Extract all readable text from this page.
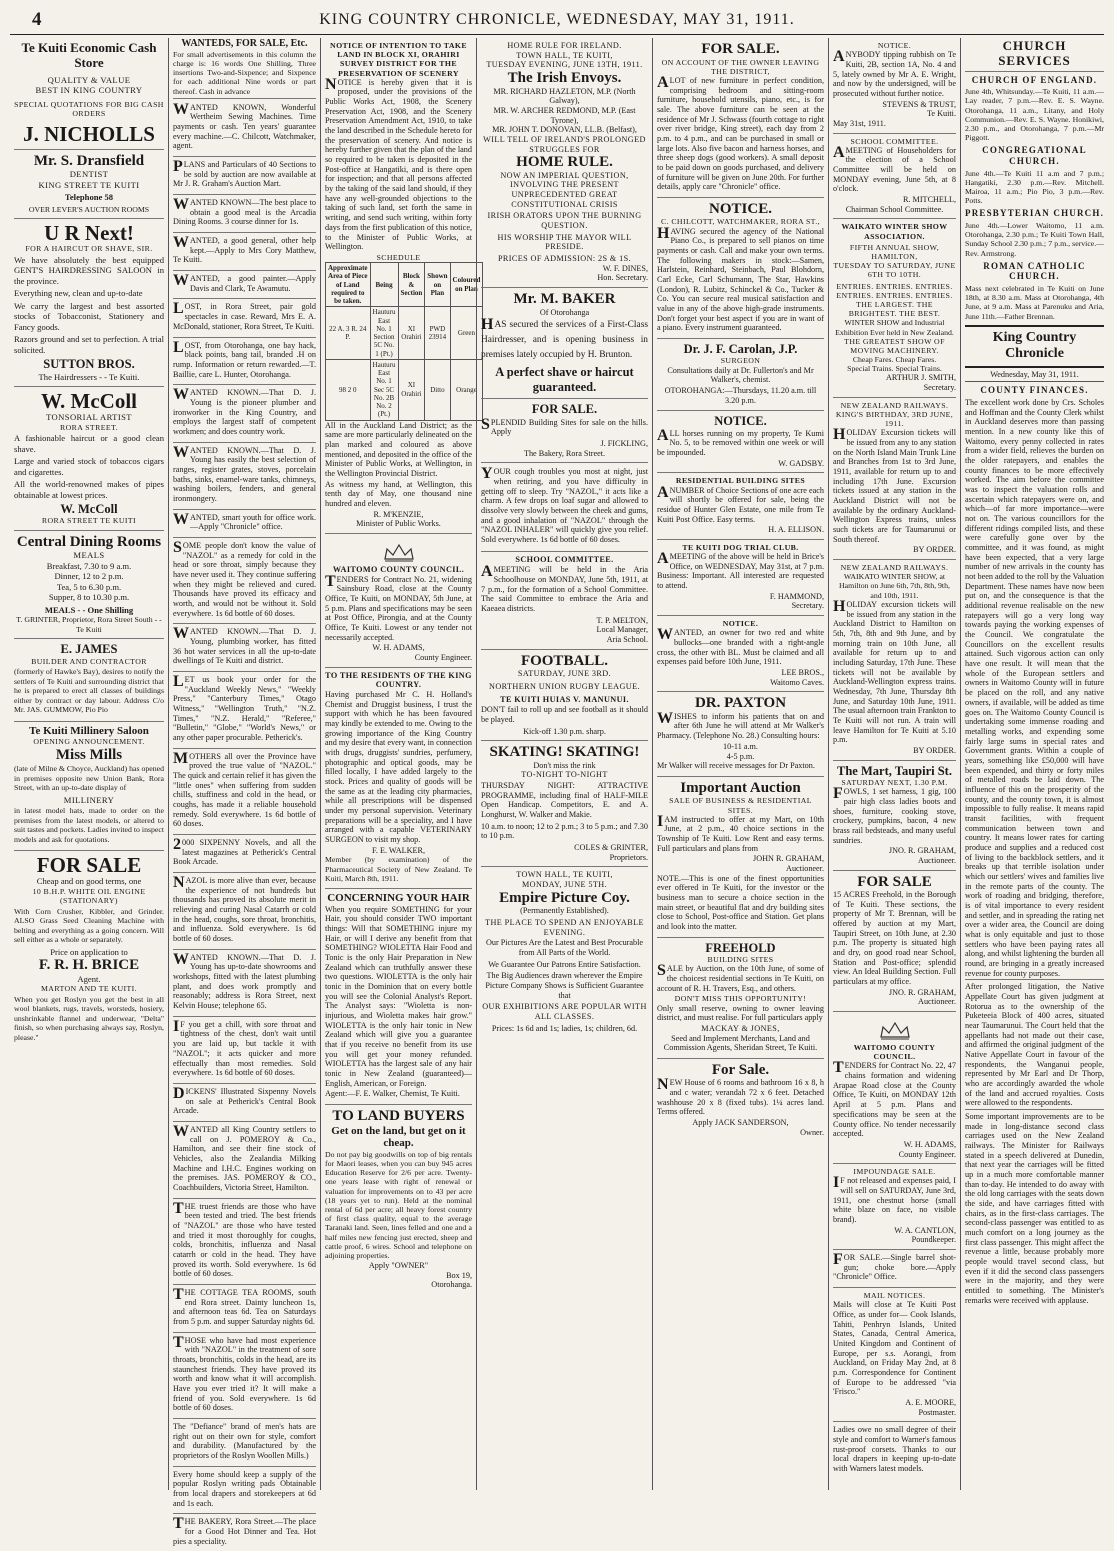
4	KING COUNTRY CHRONICLE, WEDNESDAY, MAY 31, 1911.
Te Kuiti Economic Cash Store
QUALITY & VALUE
BEST IN KING COUNTRY
SPECIAL QUOTATIONS FOR BIG CASH ORDERS
J. NICHOLLS
Mr. S. Dransfield
DENTIST
KING STREET TE KUITI
Telephone 58
OVER LEVER'S AUCTION ROOMS
U R Next!
FOR A HAIRCUT OR SHAVE, SIR.

We have absolutely the best equipped GENT'S HAIRDRESSING SALOON in the province.

Everything new, clean and up-to-date

We carry the largest and best assorted stocks of Tobacconist, Stationery and Fancy goods.

Razors ground and set to perfection. A trial solicited.

SUTTON BROS.
The Hairdressers - - Te Kuiti.
W. McColl
TONSORIAL ARTIST
RORA STREET.

A fashionable haircut or a good clean shave.

Large and varied stock of tobaccos cigars and cigarettes.

All the world-renowned makes of pipes obtainable at lowest prices.

W. McColl
RORA STREET TE KUITI
Central Dining Rooms
MEALS
Breakfast, 7.30 to 9 a.m.
Dinner, 12 to 2 p.m.
Tea, 5 to 6.30 p.m.
Supper, 8 to 10.30 p.m.
MEALS - - One Shilling
T. GRINTER, Proprietor, Rora Street South - - Te Kuiti
E. JAMES
BUILDER AND CONTRACTOR

(formerly of Hawke's Bay), desires to notify the settlers of Te Kuiti and surrounding district that he is prepared to erect all classes of buildings either by contract or day labour. Address C/o Mr. JAS. GUMMOW, Pio Pio

Te Kuiti Millinery Saloon
OPENING ANNOUNCEMENT.
Miss Mills

(late of Milne & Choyce, Auckland) has opened in premises opposite new Union Bank, Rora Street, with an up-to-date display of

MILLINERY

in latest model hats, made to order on the premises from the latest models, or altered to suit tastes and pockets. Ladies invited to inspect models and ask for quotations.

FOR SALE
Cheap and on good terms, one
10 B.H.P. WHITE OIL ENGINE (STATIONARY)

With Corn Crusher, Kibbler, and Grinder. ALSO Grass Seed Cleaning Machine with belting and everything as a going concern. Will sell either as a whole or separately.

Price on application to
F. R. H. BRICE
Agent.
MARTON AND TE KUITI.

When you get Roslyn you get the best in all wool blankets, rugs, travels, worsteds, hosiery, unshrinkable flannel and underwear, "Delta" finish, so when purchasing always say, Roslyn, please."

WANTEDS, FOR SALE, Etc.

For small advertisements in this column the charge is: 16 words One Shilling, Three insertions Two-and-Sixpence; and Sixpence for each additional Nine words or part thereof. Cash in advance

WANTED KNOWN, Wonderful Wertheim Sewing Machines. Time payments or cash. Ten years' guarantee every machine.—C. Chilcott, Watchmaker, agent.

PLANS and Particulars of 40 Sections to be sold by auction are now available at Mr J. R. Graham's Auction Mart.

WANTED KNOWN—The best place to obtain a good meal is the Arcadia Dining Rooms. 3 course dinner for 1s.

WANTED, a good general, other help kept.—Apply to Mrs Cory Matthew, Te Kuiti.

WANTED, a good painter.—Apply Davis and Clark, Te Awamutu.

LOST, in Rora Street, pair gold spectacles in case. Reward, Mrs E. A. McDonald, stationer, Rora Street, Te Kuiti.

LOST, from Otorohanga, one bay hack, black points, bang tail, branded .H on rump. Information or return rewarded.—T. Baillie, care L. Hunter, Otorohanga.

WANTED KNOWN.—That D. J. Young is the pioneer plumber and ironworker in the King Country, and employs the largest staff of competent workmen; and does country work.

WANTED KNOWN.—That D. J. Young has easily the best selection of ranges, register grates, stoves, porcelain baths, sinks, enamel-ware tanks, chimneys, washing boilers, fenders, and general ironmongery.

WANTED, smart youth for office work.—Apply "Chronicle" office.

SOME people don't know the value of "NAZOL" as a remedy for cold in the head or sore throat, simply because they have never used it. They continue suffering when they might be relieved and cured. Thousands have proved its efficacy and worth, and would not be without it. Sold everywhere. 1s 6d bottle of 60 doses.

WANTED KNOWN.—That D. J. Young, plumbing worker, has fitted 36 hot water services in all the up-to-date dwellings of Te Kuiti and district.

LET us book your order for the "Auckland Weekly News," "Weekly Press," "Canterbury Times," Otago Witness," "Wellington Truth," "N.Z. Times," "N.Z. Herald," "Referee," "Bulletin," "Globe," "World's News," or any other paper procurable. Petherick's.

MOTHERS all over the Province have proved the true value of "NAZOL." The quick and certain relief it has given the "little ones" when suffering from sudden chills, stuffiness and cold in the head, or coughs, has made it a reliable household remedy. Sold everywhere. 1s 6d bottle of 60 doses.

2000 SIXPENNY Novels, and all the latest magazines at Petherick's Central Book Arcade.

NAZOL is more alive than ever, because the experience of not hundreds but thousands has proved its absolute merit in relieving and curing Nasal Catarrh or cold in the head, coughs, sore throat, bronchitis, and influenza. Sold everywhere. 1s 6d bottle of 60 doses.

WANTED KNOWN.—That D. J. Young has up-to-date showrooms and workshops, fitted with the latest plumbing plant, and does work promptly and reasonably; address is Rora Street, next Kelvin House; telephone 65.

IF you get a chill, with sore throat and tightness of the chest, don't wait until you are laid up, but tackle it with "NAZOL"; it acts quicker and more effectually than most remedies. Sold everywhere. 1s 6d bottle of 60 doses.

DICKENS' Illustrated Sixpenny Novels on sale at Petherick's Central Book Arcade.

WANTED all King Country settlers to call on J. POMEROY & Co., Hamilton, and see their fine stock of Vehicles, also the Zealandia Milking Machine and I.H.C. Engines working on the premises. JAS. POMEROY & CO., Coachbuilders, Victoria Street, Hamilton.

THE truest friends are those who have been tested and tried. The best friends of "NAZOL" are those who have tested and tried it most thoroughly for coughs, colds, bronchitis, influenza and Nasal catarrh or cold in the head. They have proved its worth. Sold everywhere. 1s 6d bottle of 60 doses.

THE COTTAGE TEA ROOMS, south end Rora street. Dainty luncheon 1s, and afternoon teas 6d. Tea on Saturdays from 5 p.m. and supper Saturday nights 6d.

THOSE who have had most experience with "NAZOL" in the treatment of sore throats, bronchitis, colds in the head, are its staunchest friends. They have proved its worth and know what it will accomplish. Have you ever tried it? It will make a friend of you. Sold everywhere. 1s 6d bottle of 60 doses.

The "Defiance" brand of men's hats are right out on their own for style, comfort and durability. (Manufactured by the proprietors of the Roslyn Woollen Mills.)

Every home should keep a supply of the popular Roslyn writing pads Obtainable from local drapers and storekeepers at 6d and 1s each.

THE BAKERY, Rora Street.—The place for a Good Hot Dinner and Tea. Hot pies a speciality.

NOTICE OF INTENTION TO TAKE LAND IN BLOCK XI, ORAHIRI SURVEY DISTRICT FOR THE PRESERVATION OF SCENERY

NOTICE is hereby given that it is proposed, under the provisions of the Public Works Act, 1908, the Scenery Preservation Act, 1908, and the Scenery Preservation Amendment Act, 1910, to take the land described in the Schedule hereto for the preservation of scenery. And notice is hereby further given that the plan of the land so required to be taken is deposited in the Post-office at Hangatiki, and is there open for inspection; and that all persons affected by the taking of the said land should, if they have any well-grounded objections to the taking of such land, set forth the same in writing, and send such writing, within forty days from the first publication of this notice, to the Minister of Public Works, at Wellington.

SCHEDULE
Approximate Area of Piece of Land required to be taken.	Being	Block & Section	Shown on Plan	Coloured on Plan
22 A. 3 R. 24 P.	Hauturu East No. 1 Section 5C No. 1 (Pt.)	XI Orahiri	PWD 23914	Green
98 2 0	Hauturu East No. 1 Sec 5C No. 2B No. 2 (Pt.)	XI Orahiri	Ditto	Orange

All in the Auckland Land District; as the same are more particularly delineated on the plan marked and coloured as above mentioned, and deposited in the office of the Minister of Public Works, at Wellington, in the Wellington Provincial District.

As witness my hand, at Wellington, this tenth day of May, one thousand nine hundred and eleven.

R. M'KENZIE,
Minister of Public Works.
WAITOMO COUNTY COUNCIL.

TENDERS for Contract No. 21, widening Sainsbury Road, close at the County Office, Te Kuiti, on MONDAY, 5th June, at 5 p.m. Plans and specifications may be seen at Post Office, Pirongia, and at the County Office, Te Kuiti. Lowest or any tender not necessarily accepted.

W. H. ADAMS,
County Engineer.
TO THE RESIDENTS OF THE KING COUNTRY.

Having purchased Mr C. H. Holland's Chemist and Druggist business, I trust the support with which he has been favoured may kindly be extended to me. Owing to the growing importance of the King Country and my desire that every want, in connection with drugs, druggists' sundries, perfumery, photographic and optical goods, may be filled locally, I have added largely to the stock. Prices and quality of goods will be the same as at the leading city pharmacies, while all prescriptions will be dispensed under my personal supervision. Veterinary preparations will be a speciality, and I have arranged with a capable VETERINARY SURGEON to visit my shop.

F. E. WALKER,

Member (by examination) of the Pharmaceutical Society of New Zealand. Te Kuiti, March 8th, 1911.

CONCERNING YOUR HAIR

When you require SOMETHING for your Hair, you should consider TWO important things: Will that SOMETHING injure my Hair, or will I derive any benefit from that SOMETHING? WIOLETTA Hair Food and Tonic is the only Hair Preparation in New Zealand which can truthfully answer these two questions. WIOLETTA is the only hair tonic in the Dominion that on every bottle you will see the Colonial Analyst's Report. The Analyst says: "Wioletta is non-injurious, and Wioletta makes hair grow." WIOLETTA is the only hair tonic in New Zealand which will give you a guarantee that if you receive no benefit from its use you will get your money refunded. WIOLETTA has the largest sale of any hair tonic in New Zealand (guaranteed)—English, American, or Foreign.

Agent:—F. E. Walker, Chemist, Te Kuiti.

TO LAND BUYERS
Get on the land, but get on it cheap.

Do not pay big goodwills on top of big rentals for Maori leases, when you can buy 945 acres Education Reserve for 2/6 per acre. Twenty-one years lease with right of renewal or valuation for improvements on to 43 per acre (18 years yet to run). Held at the nominal rental of 6d per acre; all heavy forest country of first class quality, equal to the average Taranaki land. Seen, lines felled and one and a half miles new fencing just erected, sheep and cattle proof, 6 wires. School and telephone on adjoining properties.

Apply "OWNER"
Box 19,
Otorohanga.
HOME RULE FOR IRELAND.
TOWN HALL, TE KUITI,
TUESDAY EVENING, JUNE 13TH, 1911.
The Irish Envoys.
MR. RICHARD HAZLETON, M.P. (North Galway),
MR. W. ARCHER REDMOND, M.P. (East Tyrone),
MR. JOHN T. DONOVAN, LL.B. (Belfast),
WILL TELL OF IRELAND'S PROLONGED STRUGGLES FOR
HOME RULE.
NOW AN IMPERIAL QUESTION, INVOLVING THE PRESENT UNPRECEDENTED GREAT CONSTITUTIONAL CRISIS
IRISH ORATORS UPON THE BURNING QUESTION.
HIS WORSHIP THE MAYOR WILL PRESIDE.
PRICES OF ADMISSION: 2S & 1S.
W. F. DINES,
Hon. Secretary.
Mr. M. BAKER
Of Otorohanga

HAS secured the services of a First-Class Hairdresser, and is opening business in premises lately occupied by H. Brunton.

A perfect shave or haircut guaranteed.
FOR SALE.

SPLENDID Building Sites for sale on the hills. Apply

J. FICKLING,
The Bakery, Rora Street.

YOUR cough troubles you most at night, just when retiring, and you have difficulty in getting off to sleep. Try "NAZOL," it acts like a charm. A few drops on loaf sugar and allowed to dissolve very slowly between the cheek and gums, and a good inhalation of "NAZOL" through the "NAZOL INHALER" will quickly give you relief. Sold everywhere. 1s 6d bottle of 60 doses.

SCHOOL COMMITTEE.

AMEETING will be held in the Aria Schoolhouse on MONDAY, June 5th, 1911, at 7 p.m., for the formation of a School Committee. The said Committee to embrace the Aria and Kaeaea districts.

T. P. MELTON,
Local Manager,
Aria School.
FOOTBALL.
SATURDAY, JUNE 3RD.
NORTHERN UNION RUGBY LEAGUE.
TE KUITI HUIAS V. MANUNUI.

DON'T fail to roll up and see football as it should be played.

Kick-off 1.30 p.m. sharp.
SKATING! SKATING!
Don't miss the rink
TO-NIGHT TO-NIGHT

THURSDAY NIGHT: ATTRACTIVE PROGRAMME, including final of HALF-MILE Open Handicap. Competitors, E. and A. Longhurst, W. Walker and Makie.

10 a.m. to noon; 12 to 2 p.m.; 3 to 5 p.m.; and 7.30 to 10 p.m.

COLES & GRINTER,
Proprietors.
TOWN HALL, TE KUITI,
MONDAY, JUNE 5TH.
Empire Picture Coy.
(Permanently Established).
THE PLACE TO SPEND AN ENJOYABLE EVENING.

Our Pictures Are the Latest and Best Procurable from All Parts of the World.

We Guarantee Our Patrons Entire Satisfaction.

The Big Audiences drawn wherever the Empire Picture Company Shows is Sufficient Guarantee that

OUR EXHIBITIONS ARE POPULAR WITH ALL CLASSES.
Prices: 1s 6d and 1s; ladies, 1s; children, 6d.
FOR SALE.
ON ACCOUNT OF THE OWNER LEAVING THE DISTRICT,

ALOT of new furniture in perfect condition, comprising bedroom and sitting-room furniture, household utensils, piano, etc., is for sale. The above furniture can be seen at the residence of Mr J. Schwass (fourth cottage to right over river bridge, King street), each day from 2 p.m. to 4 p.m., and can be purchased in small or large lots. Also five bacon and harness horses, and three sheep dogs (good workers). A small deposit to be paid down on goods purchased, and delivery of furniture will be given on June 20th. For further details, apply care "Chronicle" office.

NOTICE.
C. CHILCOTT, WATCHMAKER, RORA ST.,

HAVING secured the agency of the National Piano Co., is prepared to sell pianos on time payments or cash. Call and make your own terms. The following makers in stock:—Samen, Harlstein, Reinhard, Steinbach, Paul Blohdorn, Carl Ecke, Carl Schumann, The Star, Hawkins (London), R. Lubitz, Schinckel & Co., Tucker & Co. You can secure real musical satisfaction and value in any of the above high-grade instruments. Don't forget your best aspect if you are in want of a piano. Every instrument guaranteed.

Dr. J. F. Carolan, J.P.
SURGEON

Consultations daily at Dr. Fullerton's and Mr Walker's, chemist.

OTOROHANGA:—Thursdays, 11.20 a.m. till 3.20 p.m.

NOTICE.

ALL horses running on my property, Te Kumi No. 5, to be removed within one week or will be impounded.

W. GADSBY.
RESIDENTIAL BUILDING SITES

ANUMBER of Choice Sections of one acre each will shortly be offered for sale, being the residue of Hunter Glen Estate, one mile from Te Kuiti Post Office. Easy terms.

H. A. ELLISON.
TE KUITI DOG TRIAL CLUB.

AMEETING of the above will be held in Brice's Office, on WEDNESDAY, May 31st, at 7 p.m. Business: Important. All interested are requested to attend.

F. HAMMOND,
Secretary.
NOTICE.

WANTED, an owner for two red and white bullocks—one branded with a right-angle cross, the other with BL. Must be claimed and all expenses paid before 10th June, 1911.

LEE BROS.,
Waitomo Caves.
DR. PAXTON

WISHES to inform his patients that on and after 6th June he will attend at Mr Walker's Pharmacy. (Telephone No. 28.) Consulting hours:

10-11 a.m.
4-5 p.m.

Mr Walker will receive messages for Dr Paxton.

Important Auction
SALE OF BUSINESS & RESIDENTIAL SITES.

IAM instructed to offer at my Mart, on 10th June, at 2 p.m., 40 choice sections in the Township of Te Kuiti. Low Rent and easy terms. Full particulars and plans from

JOHN R. GRAHAM,
Auctioneer.

NOTE.—This is one of the finest opportunities ever offered in Te Kuiti, for the investor or the business man to secure a choice section in the main street, or beautiful flat and dry building sites close to School, Post-office and Station. Get plans and look into the matter.

FREEHOLD
BUILDING SITES

SALE by Auction, on the 10th June, of some of the choicest residential sections in Te Kuiti, on account of R. H. Travers, Esq., and others.

DON'T MISS THIS OPPORTUNITY!

Only small reserve, owning to owner leaving district, and must realise. For full particulars apply

MACKAY & JONES,

Seed and Implement Merchants, Land and Commission Agents, Sheridan Street, Te Kuiti.

For Sale.

NEW House of 6 rooms and bathroom 16 x 8, h and c water; verandah 72 x 6 feet. Detached washhouse 20 x 8 (fixed tubs). 1¼ acres land. Terms offered.

Apply JACK SANDERSON,
Owner.
NOTICE.

ANYBODY tipping rubbish on Te Kuiti, 2B, section 1A, No. 4 and 5, lately owned by Mr A. E. Wright, and now by the undersigned, will be prosecuted without further notice.

STEVENS & TRUST,
Te Kuiti.
May 31st, 1911.
SCHOOL COMMITTEE.

AMEETING of Householders for the election of a School Committee will be held on MONDAY evening, June 5th, at 8 o'clock.

R. MITCHELL,
Chairman School Committee.
WAIKATO WINTER SHOW ASSOCIATION.
FIFTH ANNUAL SHOW, HAMILTON,
TUESDAY TO SATURDAY, JUNE 6TH TO 10TH.
ENTRIES. ENTRIES. ENTRIES. ENTRIES. ENTRIES. ENTRIES.
THE LARGEST. THE BRIGHTEST. THE BEST.
WINTER SHOW and Industrial Exhibition Ever held in New Zealand.
THE GREATEST SHOW OF MOVING MACHINERY.
Cheap Fares. Cheap Fares.
Special Trains. Special Trains.
ARTHUR J. SMITH,
Secretary.
NEW ZEALAND RAILWAYS.
KING'S BIRTHDAY, 3RD JUNE, 1911.

HOLIDAY Excursion tickets will be issued from any to any station on the North Island Main Trunk Line and Branches from 1st to 3rd June, 1911, available for return up to and including 17th June. Excursion tickets issued at any station in the Auckland District will not be available by the ordinary Auckland-Wellington Express trains, unless such tickets are for Taumarunui or South thereof.

BY ORDER.
NEW ZEALAND RAILWAYS.
WAIKATO WINTER SHOW, at Hamilton on June 6th, 7th, 8th, 9th, and 10th, 1911.

HOLIDAY excursion tickets will be issued from any station in the Auckland District to Hamilton on 5th, 7th, 8th and 9th June, and by morning train on 10th June, all available for return up to and including Saturday, 17th June. These tickets will not be available by Auckland-Wellington express trains. Wednesday, 7th June, Thursday 8th June, and Saturday 10th June, 1911. The usual afternoon train Frankton to Te Kuiti will not run. A train will leave Hamilton for Te Kuiti at 5.10 p.m.

BY ORDER.
The Mart, Taupiri St.
SATURDAY NEXT, 1.30 P.M.

FOWLS, 1 set harness, 1 gig, 100 pair high class ladies boots and shoes, furniture, cooking stove, crockery, pumpkins, bacon, 4 new brass rail bedsteads, and many useful sundries.

JNO. R. GRAHAM,
Auctioneer.
FOR SALE

15 ACRES Freehold, in the Borough of Te Kuiti. These sections, the property of Mr T. Brennan, will be offered by auction at my Mart, Taupiri Street, on 10th June, at 2.30 p.m. The property is situated high and dry, on good road near School, Station and Post-office; splendid view. An Ideal Building Section. Full particulars at my office.

JNO. R. GRAHAM,
Auctioneer.
WAITOMO COUNTY COUNCIL.

TENDERS for Contract No. 22, 47 chains formation and widening Arapae Road close at the County Office, Te Kuiti, on MONDAY 12th April at 5 p.m. Plans and specifications may be seen at the County office. No tender necessarily accepted.

W. H. ADAMS,
County Engineer.
IMPOUNDAGE SALE.

IF not released and expenses paid, I will sell on SATURDAY, June 3rd, 1911, one chestnut horse (small white blaze on face, no visible brand).

W. A. CANTLON,
Poundkeeper.

FOR SALE.—Single barrel shot-gun; choke bore.—Apply "Chronicle" Office.

MAIL NOTICES.

Mails will close at Te Kuiti Post Office, as under for— Cook Islands, Tahiti, Penhryn Islands, United States, Canada, Central America, United Kingdom and Continent of Europe, per s.s. Aorangi, from Auckland, on Friday May 2nd, at 8 p.m. Correspondence for Continent of Europe to be addressed "via 'Frisco."

A. E. MOORE,
Postmaster.

Ladies owe no small degree of their style and comfort to Warner's famous rust-proof corsets. Thanks to our local drapers in keeping up-to-date with Warners latest models.

CHURCH SERVICES
CHURCH OF ENGLAND.

June 4th, Whitsunday.—Te Kuiti, 11 a.m.—Lay reader, 7 p.m.—Rev. E. S. Wayne. Otorohanga, 11 a.m., Litany, and Holy Communion.—Rev. E. S. Wayne. Honikiwi, 2.30 p.m., and Otorohanga, 7 p.m.—Mr Piggott.

CONGREGATIONAL CHURCH.

June 4th.—Te Kuiti 11 a.m and 7 p.m.; Hangatiki, 2.30 p.m.—Rev. Mitchell. Mairoa, 11 a.m.; Pio Pio, 3 p.m.—Rev. Potts.

PRESBYTERIAN CHURCH.

June 4th.—Lower Waitomo, 11 a.m. Otorohanga, 2.30 p.m.; Te Kuiti Town Hall, Sunday School 2.30 p.m.; 7 p.m., service.—Rev. Armstrong.

ROMAN CATHOLIC CHURCH.

Mass next celebrated in Te Kuiti on June 18th, at 8.30 a.m. Mass at Otorohanga, 4th June, at 9 a.m. Mass at Parenuku and Aria, June 11th.—Father Brennan.

King Country Chronicle
Wednesday, May 31, 1911.
COUNTY FINANCES.

The excellent work done by Crs. Scholes and Hoffman and the County Clerk whilst in Auckland deserves more than passing mention. In a new county like this of Waitomo, every penny collected in rates from a wider field, relieves the burden on the older ratepayers, and enables the county finances to be more effectively worked. The aim before the committee was to inspect the valuation rolls and ascertain which ratepayers were on, and which—of far more importance—were not on. The various councillors for the different ridings compiled lists, and these were carefully gone over by the committee, and it was found, as might have been expected, that a very large number of new arrivals in the county has not been added to the roll by the Valuation Department. These names have now been put on, and the consequence is that the additional revenue realisable on the new ratepayers will go a very long way towards paying the working expenses of the Council. We congratulate the Councillors on the excellent results attained. Such vigorous action can only have one result. It will mean that the whole of the European settlers and owners in Waitomo County will in future be placed on the roll, and any native owners, if available, will be added as time goes on. The Waitomo County Council is undertaking some immense roading and metalling works, and expending some fairly large sums in special rates and Government grants. Within a couple of years, something like £50,000 will have been expended, and thirty or forty miles of metalled roads be laid down. The influence of this on the prosperity of the county, and the county town, it is almost impossible to fully realise. It means rapid transit facilities, with frequent communication between town and country. It means lower rates for carting produce and supplies and a reduced cost of living to the backblock settlers, and it breaks up that terrible isolation under which our settlers' wives and families live in the remote parts of the county. The work of roading and bridging, therefore, is of vital importance to every resident and settler, and in spreading the rating net over a wider area, the Council are doing what is only equitable and just to those settlers who have been paying rates all along, and whilst lightening the burden all round, are bringing in a greatly increased revenue for county purposes.

After prolonged litigation, the Native Appellate Court has given judgment at Rotorua as to the ownership of the Puketeeia Block of 400 acres, situated near Taumarunui. The Court held that the appellants had not made out their case, and affirmed the original judgment of the Native Appellate Court in favour of the respondents, the Wanganui people, represented by Mr Earl and Dr Thorp, who are accordingly awarded the whole of the land and accrued royalties. Costs were allowed to the respondents.

Some important improvements are to be made in long-distance second class carriages used on the New Zealand railways. The Minister for Railways stated in a speech delivered at Dunedin, that next year the carriages will be fitted up in a much more comfortable manner than to-day. He intended to do away with the old long carriages with the seats down the side, and have carriages fitted with chairs, as in the first-class carriages. The second-class passenger was entitled to as much comfort on a long journey as the first class passenger. This might affect the revenue a little, because probably more people would travel second class, but even if it did the second class passengers were in the majority, and they were entitled to something. The Minister's remarks were received with applause.
